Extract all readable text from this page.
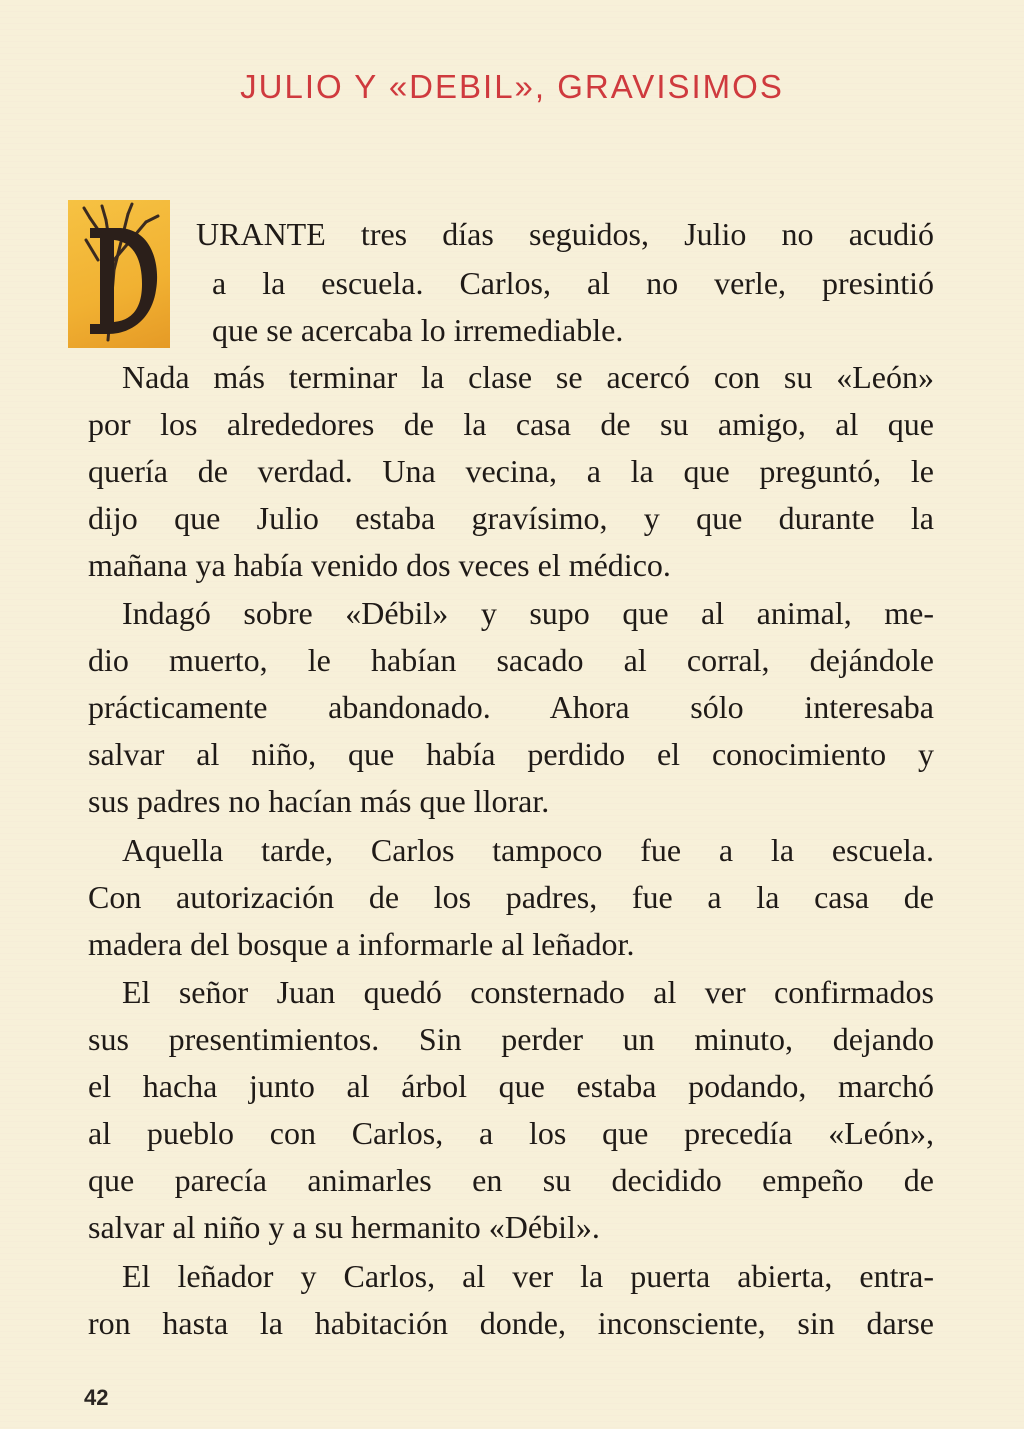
JULIO Y «DEBIL», GRAVISIMOS
URANTE tres días seguidos, Julio no acudió
a la escuela. Carlos, al no verle, presintió
que se acercaba lo irremediable.
Nada más terminar la clase se acercó con su «León»
por los alrededores de la casa de su amigo, al que
quería de verdad. Una vecina, a la que preguntó, le
dijo que Julio estaba gravísimo, y que durante la
mañana ya había venido dos veces el médico.
Indagó sobre «Débil» y supo que al animal, me-
dio muerto, le habían sacado al corral, dejándole
prácticamente abandonado. Ahora sólo interesaba
salvar al niño, que había perdido el conocimiento y
sus padres no hacían más que llorar.
Aquella tarde, Carlos tampoco fue a la escuela.
Con autorización de los padres, fue a la casa de
madera del bosque a informarle al leñador.
El señor Juan quedó consternado al ver confirmados
sus presentimientos. Sin perder un minuto, dejando
el hacha junto al árbol que estaba podando, marchó
al pueblo con Carlos, a los que precedía «León»,
que parecía animarles en su decidido empeño de
salvar al niño y a su hermanito «Débil».
El leñador y Carlos, al ver la puerta abierta, entra-
ron hasta la habitación donde, inconsciente, sin darse
42
